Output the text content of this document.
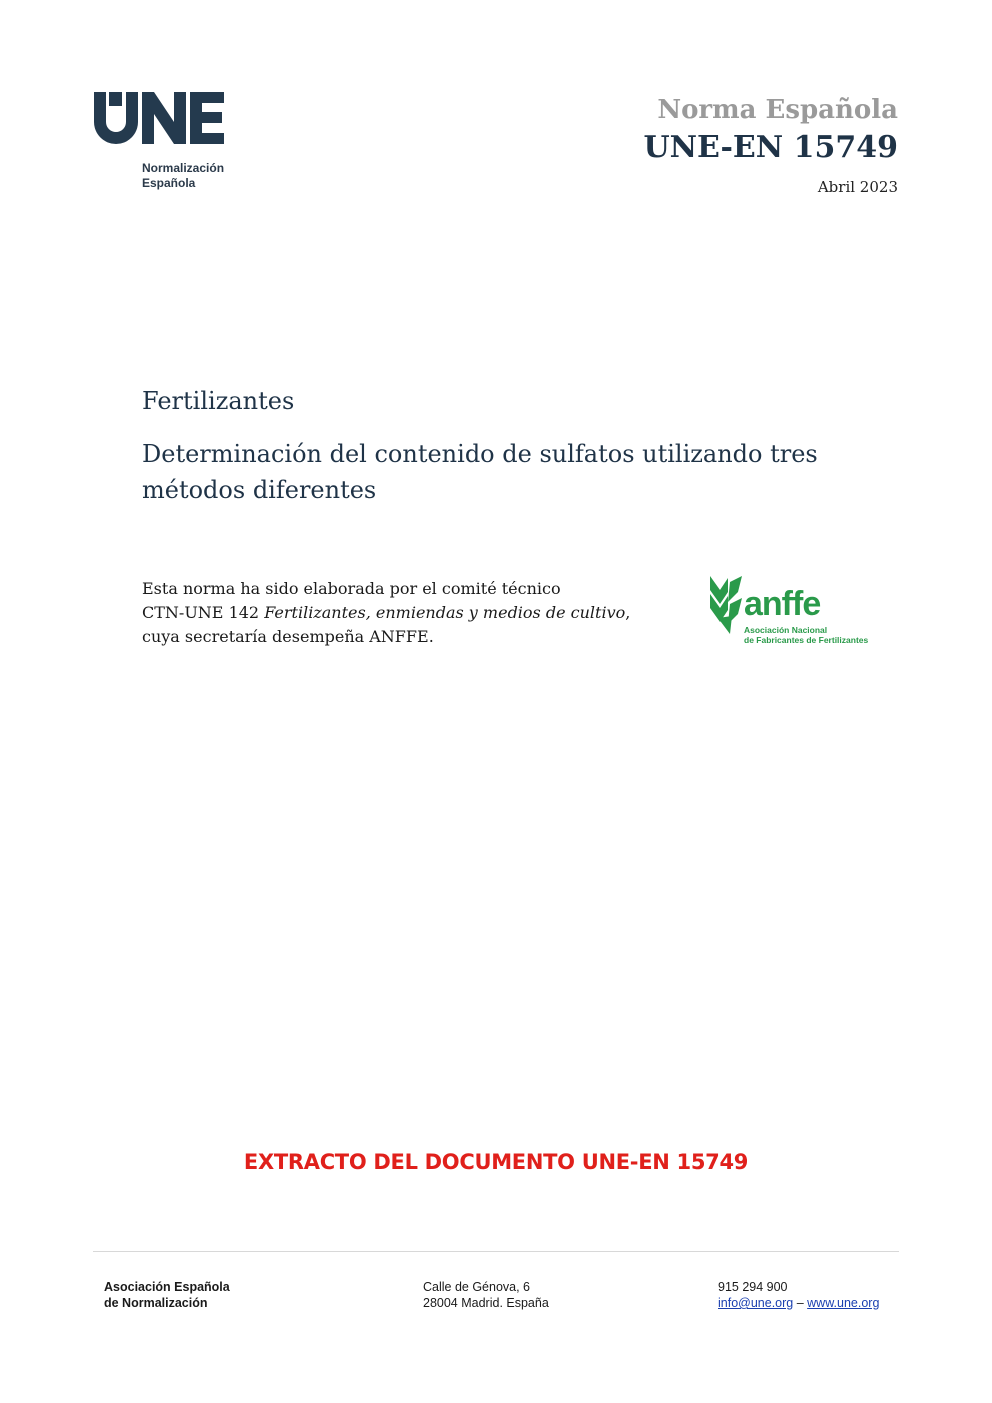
Normalización
Española
Norma Española
UNE-EN 15749
Abril 2023
Fertilizantes
Determinación del contenido de sulfatos utilizando tres métodos diferentes
Esta norma ha sido elaborada por el comité técnico
CTN-UNE 142 Fertilizantes, enmiendas y medios de cultivo,
cuya secretaría desempeña ANFFE.
anffe
Asociación Nacional
de Fabricantes de Fertilizantes
EXTRACTO DEL DOCUMENTO UNE-EN 15749
Asociación Española
de Normalización
Calle de Génova, 6
28004 Madrid. España
915 294 900
info@une.org – www.une.org
